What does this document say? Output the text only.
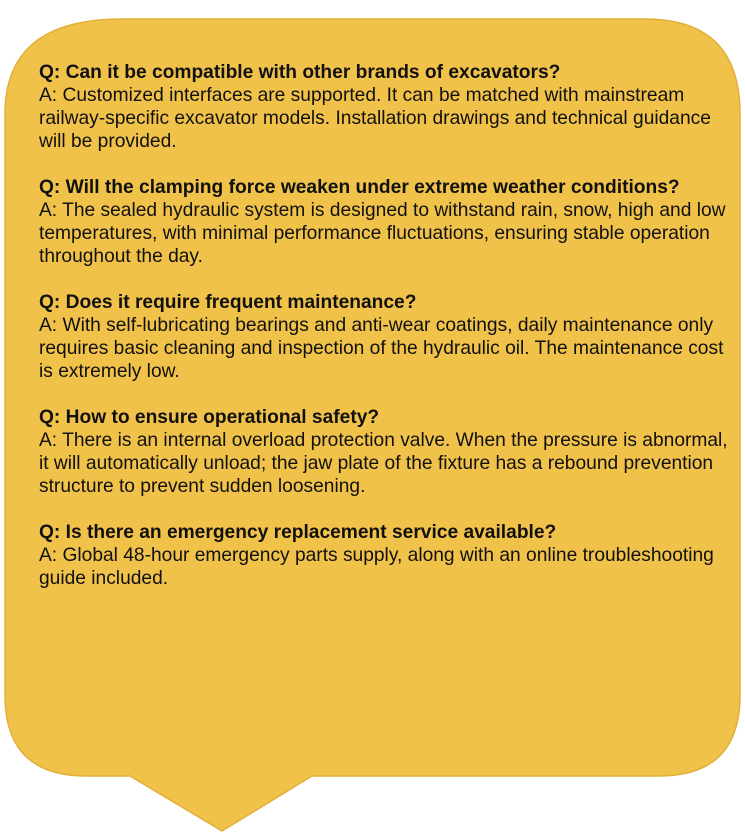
Q: Can it be compatible with other brands of excavators?

A: Customized interfaces are supported. It can be matched with mainstream railway-specific excavator models. Installation drawings and technical guidance will be provided.

Q: Will the clamping force weaken under extreme weather conditions?

A: The sealed hydraulic system is designed to withstand rain, snow, high and low temperatures, with minimal performance fluctuations, ensuring stable operation throughout the day.

Q: Does it require frequent maintenance?

A: With self-lubricating bearings and anti-wear coatings, daily maintenance only requires basic cleaning and inspection of the hydraulic oil. The maintenance cost is extremely low.

Q: How to ensure operational safety?

A: There is an internal overload protection valve. When the pressure is abnormal, it will automatically unload; the jaw plate of the fixture has a rebound prevention structure to prevent sudden loosening.

Q: Is there an emergency replacement service available?

A: Global 48-hour emergency parts supply, along with an online troubleshooting guide included.
